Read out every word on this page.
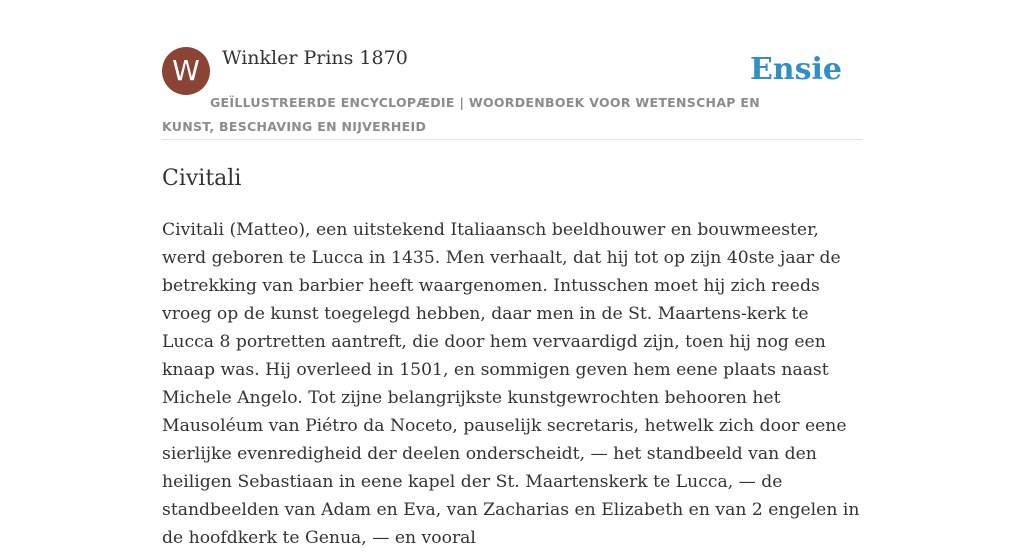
W	Winkler Prins 1870	Ensie
GEÏLLUSTREERDE ENCYCLOPÆDIE | WOORDENBOEK VOOR WETENSCHAP EN KUNST, BESCHAVING EN NIJVERHEID
Civitali

Civitali (Matteo), een uitstekend Italiaansch beeldhouwer en bouwmeester, werd geboren te Lucca in 1435. Men verhaalt, dat hij tot op zijn 40ste jaar de betrekking van barbier heeft waargenomen. Intusschen moet hij zich reeds vroeg op de kunst toegelegd hebben, daar men in de St. Maartens-kerk te Lucca 8 portretten aantreft, die door hem vervaardigd zijn, toen hij nog een knaap was. Hij overleed in 1501, en sommigen geven hem eene plaats naast Michele Angelo. Tot zijne belangrijkste kunstgewrochten behooren het Mausoléum van Piétro da Noceto, pauselijk secretaris, hetwelk zich door eene sierlijke evenredigheid der deelen onderscheidt, — het standbeeld van den heiligen Sebastiaan in eene kapel der St. Maartenskerk te Lucca, — de standbeelden van Adam en Eva, van Zacharias en Elizabeth en van 2 engelen in de hoofdkerk te Genua, — en vooral
